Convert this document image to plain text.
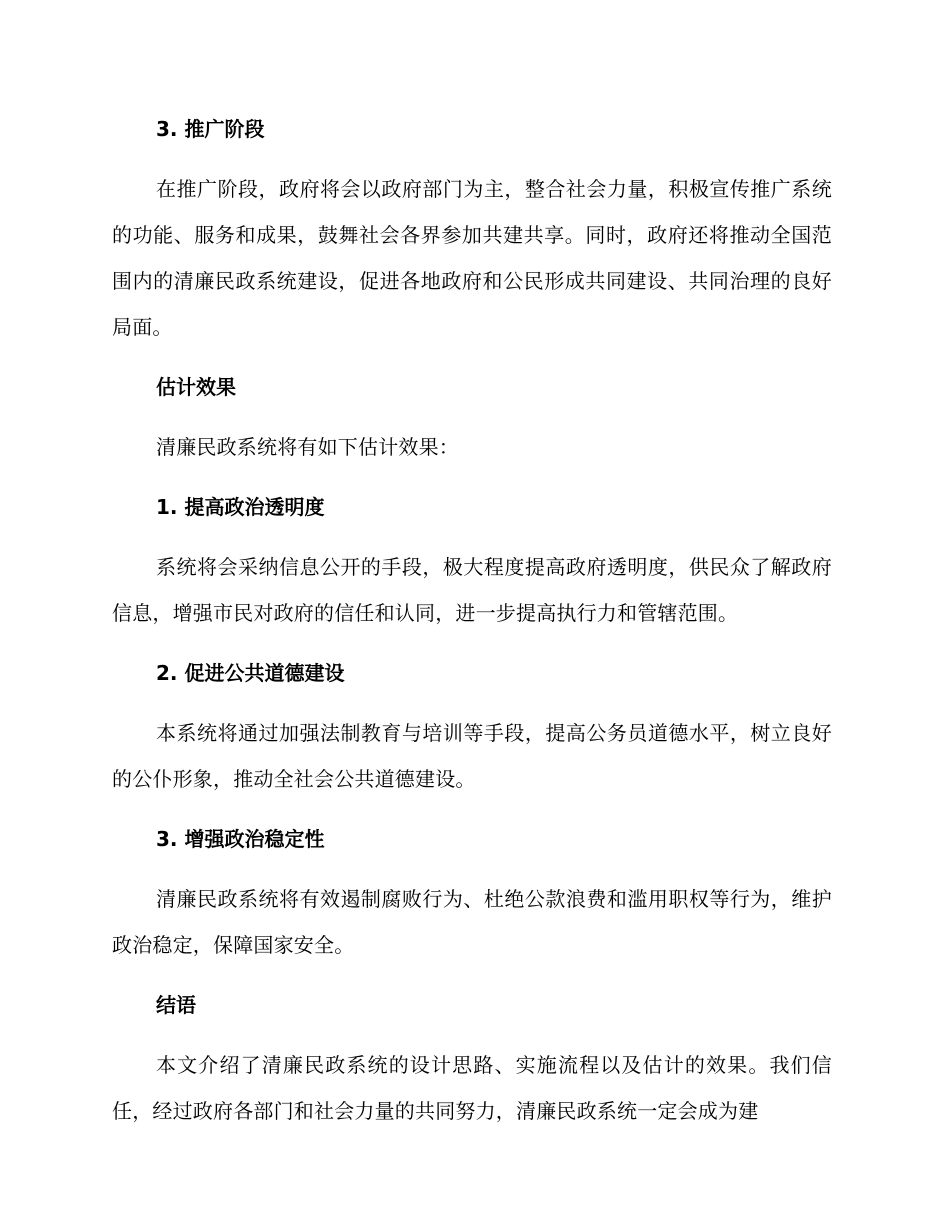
3. 推广阶段
在推广阶段，政府将会以政府部门为主，整合社会力量，积极宣传推广系统的功能、服务和成果，鼓舞社会各界参加共建共享。同时，政府还将推动全国范围内的清廉民政系统建设，促进各地政府和公民形成共同建设、共同治理的良好局面。
估计效果
清廉民政系统将有如下估计效果：
1. 提高政治透明度
系统将会采纳信息公开的手段，极大程度提高政府透明度，供民众了解政府信息，增强市民对政府的信任和认同，进一步提高执行力和管辖范围。
2. 促进公共道德建设
本系统将通过加强法制教育与培训等手段，提高公务员道德水平，树立良好的公仆形象，推动全社会公共道德建设。
3. 增强政治稳定性
清廉民政系统将有效遏制腐败行为、杜绝公款浪费和滥用职权等行为，维护政治稳定，保障国家安全。
结语
本文介绍了清廉民政系统的设计思路、实施流程以及估计的效果。我们信任，经过政府各部门和社会力量的共同努力，清廉民政系统一定会成为建
